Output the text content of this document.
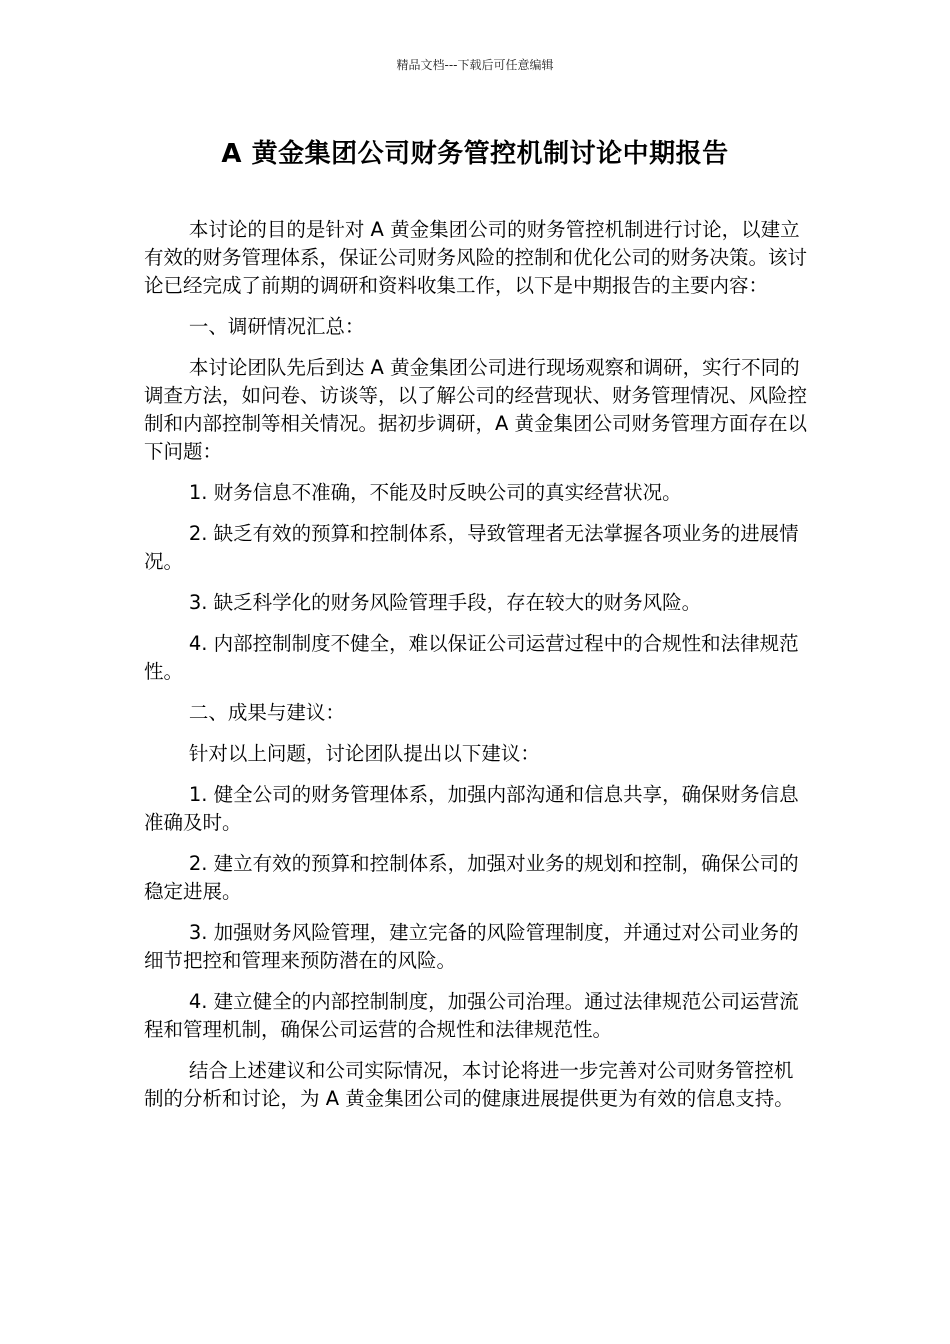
精品文档---下载后可任意编辑
A 黄金集团公司财务管控机制讨论中期报告

本讨论的目的是针对 A 黄金集团公司的财务管控机制进行讨论，以建立有效的财务管理体系，保证公司财务风险的控制和优化公司的财务决策。该讨论已经完成了前期的调研和资料收集工作，以下是中期报告的主要内容：

一、调研情况汇总：

本讨论团队先后到达 A 黄金集团公司进行现场观察和调研，实行不同的调查方法，如问卷、访谈等，以了解公司的经营现状、财务管理情况、风险控制和内部控制等相关情况。据初步调研，A 黄金集团公司财务管理方面存在以下问题：

1. 财务信息不准确，不能及时反映公司的真实经营状况。

2. 缺乏有效的预算和控制体系，导致管理者无法掌握各项业务的进展情况。

3. 缺乏科学化的财务风险管理手段，存在较大的财务风险。

4. 内部控制制度不健全，难以保证公司运营过程中的合规性和法律规范性。

二、成果与建议：

针对以上问题，讨论团队提出以下建议：

1. 健全公司的财务管理体系，加强内部沟通和信息共享，确保财务信息准确及时。

2. 建立有效的预算和控制体系，加强对业务的规划和控制，确保公司的稳定进展。

3. 加强财务风险管理，建立完备的风险管理制度，并通过对公司业务的细节把控和管理来预防潜在的风险。

4. 建立健全的内部控制制度，加强公司治理。通过法律规范公司运营流程和管理机制，确保公司运营的合规性和法律规范性。

结合上述建议和公司实际情况，本讨论将进一步完善对公司财务管控机制的分析和讨论，为 A 黄金集团公司的健康进展提供更为有效的信息支持。
